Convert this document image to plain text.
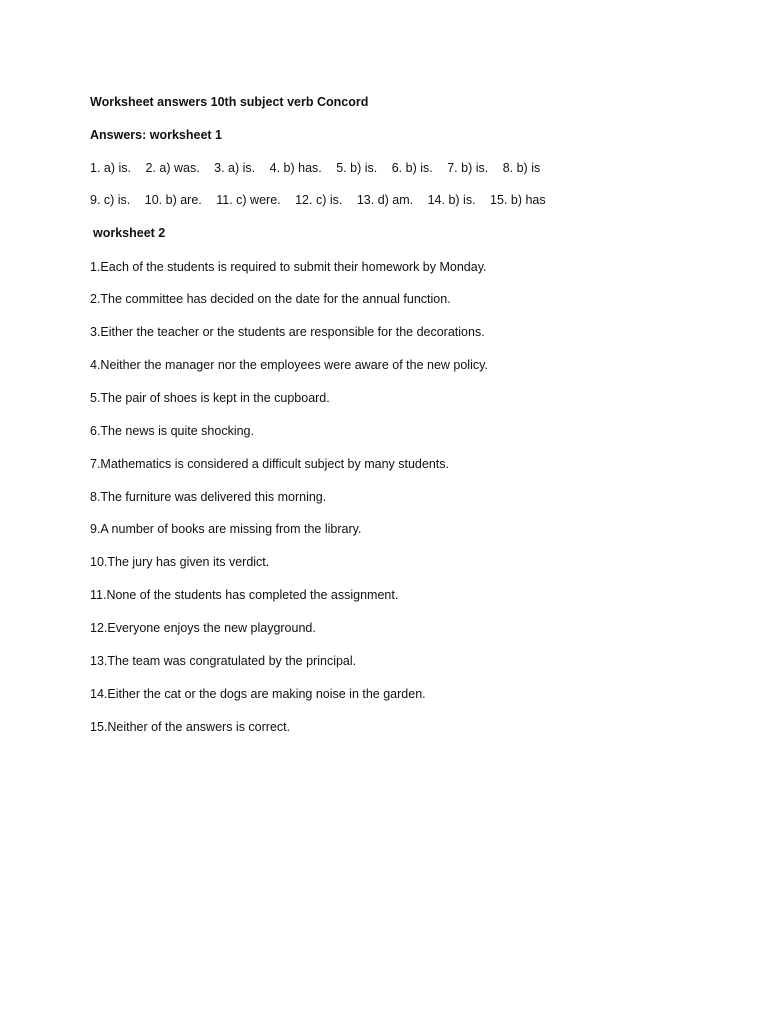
Worksheet answers 10th subject verb Concord
Answers: worksheet 1
1. a) is. 2. a) was. 3. a) is. 4. b) has. 5. b) is. 6. b) is. 7. b) is. 8. b) is
9. c) is. 10. b) are. 11. c) were. 12. c) is. 13. d) am. 14. b) is. 15. b) has
worksheet 2
1.Each of the students is required to submit their homework by Monday.
2.The committee has decided on the date for the annual function.
3.Either the teacher or the students are responsible for the decorations.
4.Neither the manager nor the employees were aware of the new policy.
5.The pair of shoes is kept in the cupboard.
6.The news is quite shocking.
7.Mathematics is considered a difficult subject by many students.
8.The furniture was delivered this morning.
9.A number of books are missing from the library.
10.The jury has given its verdict.
11.None of the students has completed the assignment.
12.Everyone enjoys the new playground.
13.The team was congratulated by the principal.
14.Either the cat or the dogs are making noise in the garden.
15.Neither of the answers is correct.
